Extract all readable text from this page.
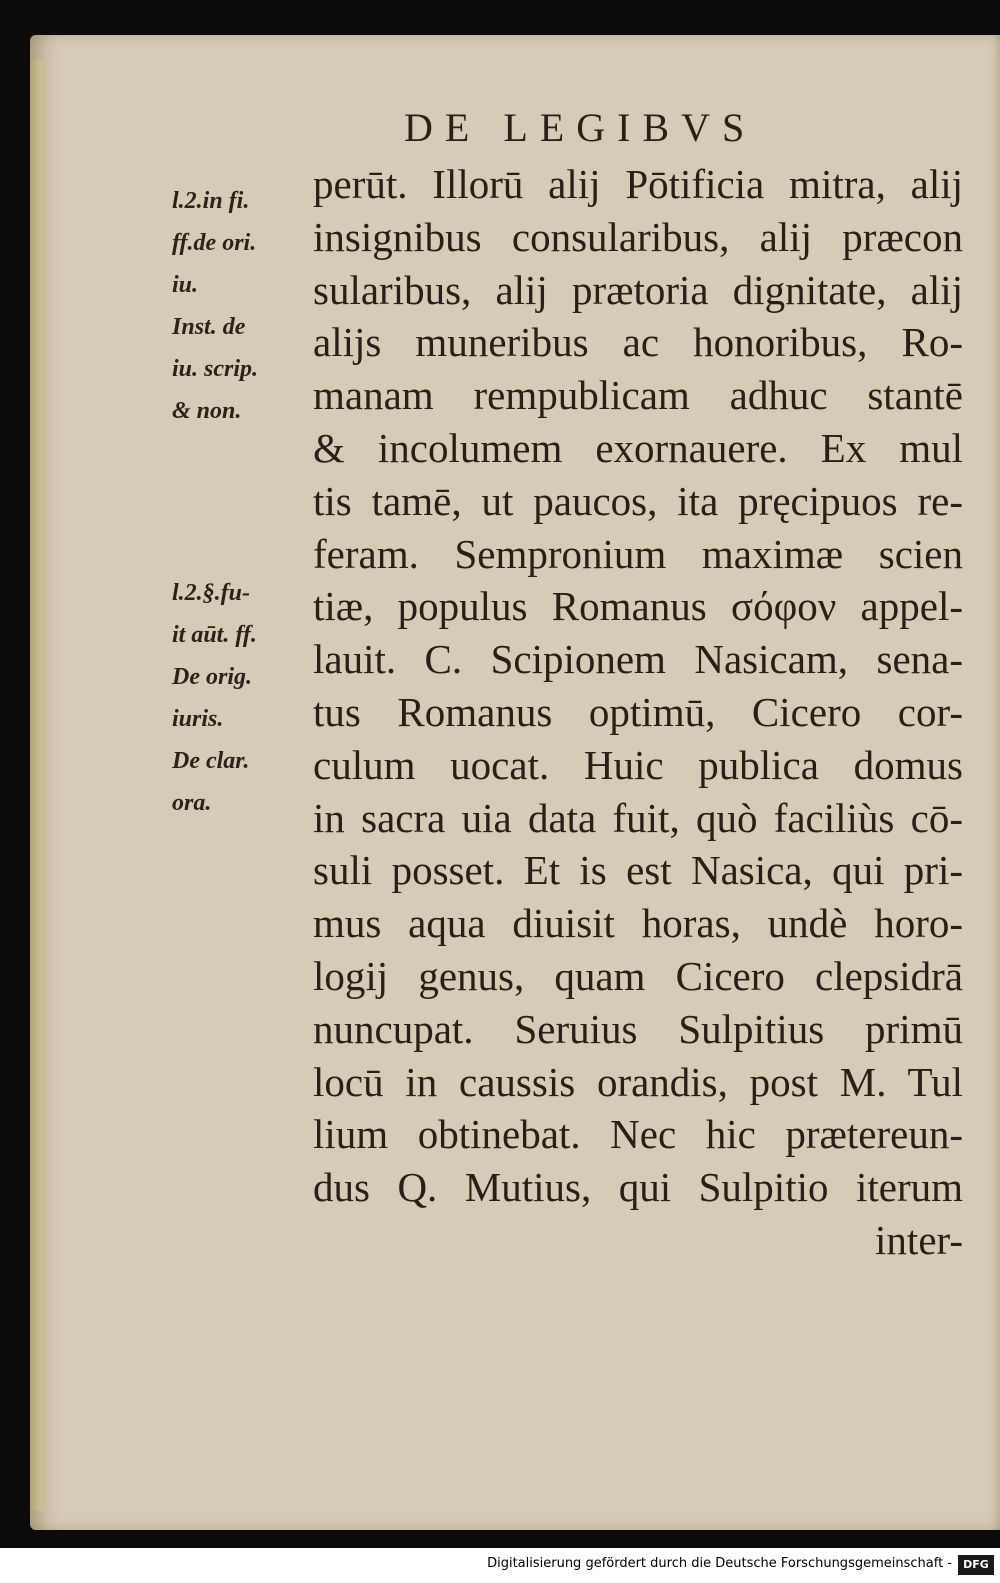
DE LEGIBVS
l.2.in fi.
ff.de ori.
iu.
Inst. de
iu. scrip.
& non.
l.2.§.fu-
it aūt. ff.
De orig.
iuris.
De clar.
ora.
perūt. Illorū alij Pōtificia mitra, alij
insignibus consularibus, alij præcon
sularibus, alij prætoria dignitate, alij
alijs muneribus ac honoribus, Ro-
manam rempublicam adhuc stantē
& incolumem exornauere. Ex mul
tis tamē, ut paucos, ita pręcipuos re-
feram. Sempronium maximæ scien
tiæ, populus Romanus σόφον appel-
lauit. C. Scipionem Nasicam, sena-
tus Romanus optimū, Cicero cor-
culum uocat. Huic publica domus
in sacra uia data fuit, quò faciliùs cō-
suli posset. Et is est Nasica, qui pri-
mus aqua diuisit horas, undè horo-
logij genus, quam Cicero clepsidrā
nuncupat. Seruius Sulpitius primū
locū in caussis orandis, post M. Tul
lium obtinebat. Nec hic prætereun-
dus Q. Mutius, qui Sulpitio iterum
inter-
Digitalisierung gefördert durch die Deutsche Forschungsgemeinschaft -	DFG
